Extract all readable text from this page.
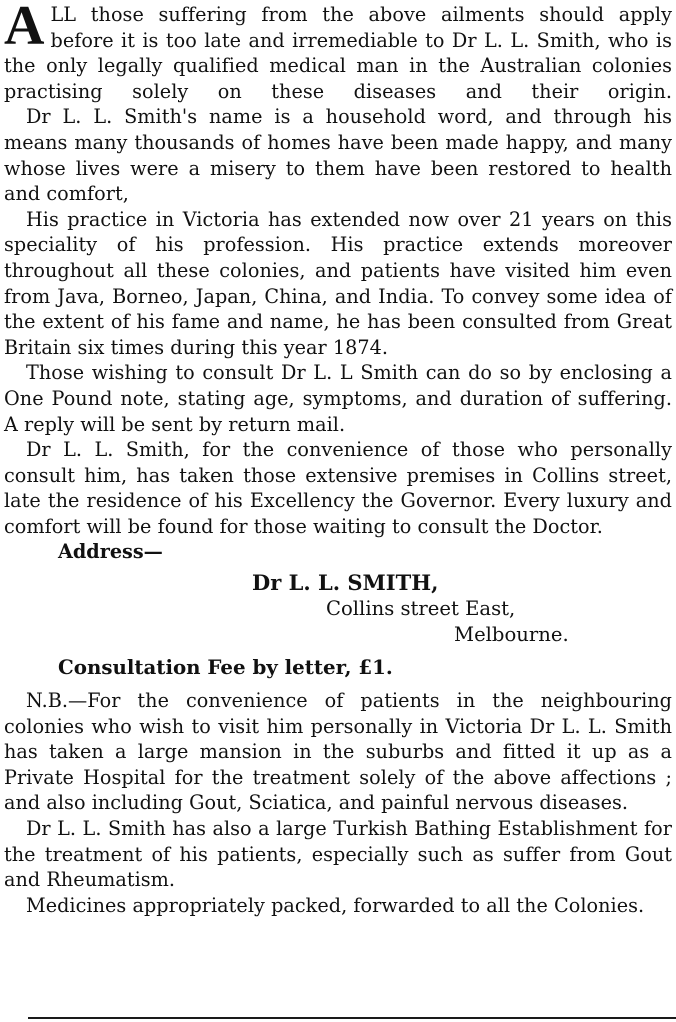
ALL those suffering from the above ailments should apply before it is too late and irremediable to Dr L. L. Smith, who is the only legally qualified medical man in the Australian colonies practising solely on these diseases and their origin.

Dr L. L. Smith's name is a household word, and through his means many thousands of homes have been made happy, and many whose lives were a misery to them have been restored to health and comfort,

His practice in Victoria has extended now over 21 years on this speciality of his profession. His practice extends moreover throughout all these colonies, and patients have visited him even from Java, Borneo, Japan, China, and India. To convey some idea of the extent of his fame and name, he has been consulted from Great Britain six times during this year 1874.

Those wishing to consult Dr L. L Smith can do so by enclosing a One Pound note, stating age, symptoms, and duration of suffering. A reply will be sent by return mail.

Dr L. L. Smith, for the convenience of those who personally consult him, has taken those extensive premises in Collins street, late the residence of his Excellency the Governor. Every luxury and comfort will be found for those waiting to consult the Doctor.

Address—

Dr L. L. SMITH,

Collins street East,

Melbourne.

Consultation Fee by letter, £1.

N.B.—For the convenience of patients in the neighbouring colonies who wish to visit him personally in Victoria Dr L. L. Smith has taken a large mansion in the suburbs and fitted it up as a Private Hospital for the treatment solely of the above affections ; and also including Gout, Sciatica, and painful nervous diseases.

Dr L. L. Smith has also a large Turkish Bathing Establishment for the treatment of his patients, especially such as suffer from Gout and Rheumatism.

Medicines appropriately packed, forwarded to all the Colonies.
